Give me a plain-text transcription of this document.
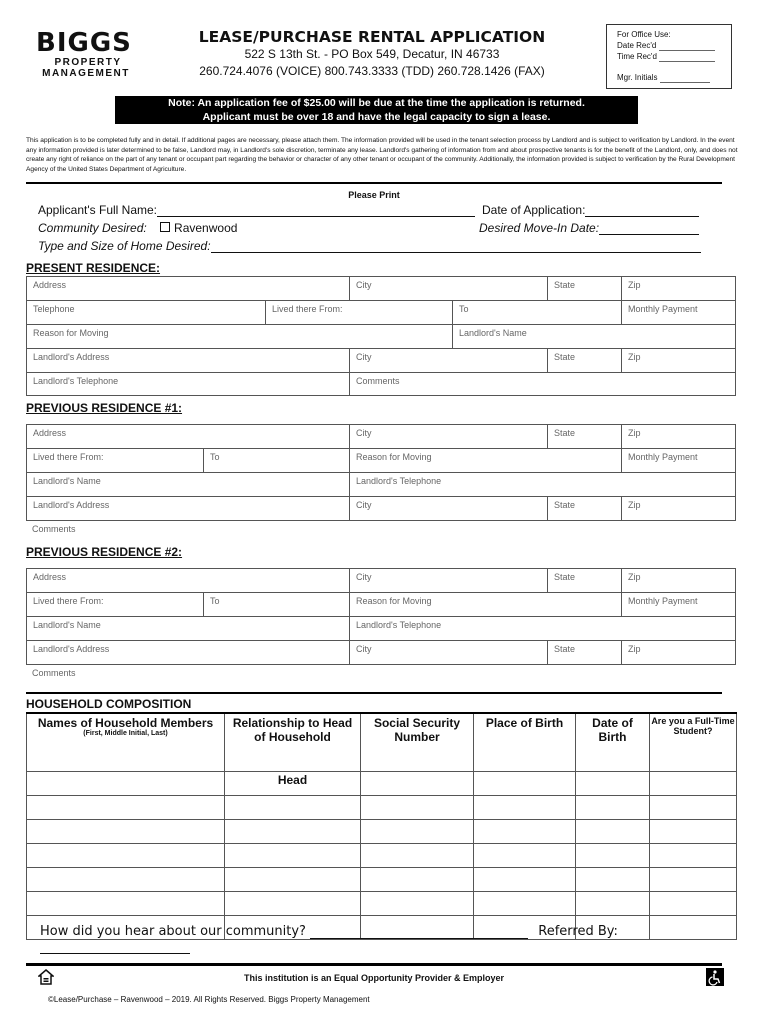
BIGGS
PROPERTY
MANAGEMENT
LEASE/PURCHASE RENTAL APPLICATION
522 S 13th St. - PO Box 549, Decatur, IN 46733
260.724.4076 (VOICE) 800.743.3333 (TDD) 260.728.1426 (FAX)
For Office Use:
Date Rec'd
Time Rec'd
Mgr. Initials
Note: An application fee of $25.00 will be due at the time the application is returned.
Applicant must be over 18 and have the legal capacity to sign a lease.
This application is to be completed fully and in detail. If additional pages are necessary, please attach them. The information provided will be used in the tenant selection process by Landlord and is subject to verification by Landlord. In the event any information provided is later determined to be false, Landlord may, in Landlord's sole discretion, terminate any lease. Landlord's gathering of information from and about prospective tenants is for the benefit of the Landlord, only, and does not create any right of reliance on the part of any tenant or occupant part regarding the behavior or character of any other tenant or occupant of the community. Additionally, the information provided is subject to verification by the Rural Development Agency of the United States Department of Agriculture.
Please Print
Applicant's Full Name:	Date of Application:
Community Desired: Ravenwood	Desired Move-In Date:
Type and Size of Home Desired:
PRESENT RESIDENCE:
PREVIOUS RESIDENCE #1:
PREVIOUS RESIDENCE #2:
Address	City	State	Zip
Telephone	Lived there From:	To	Monthly Payment
Reason for Moving	Landlord's Name
Landlord's Address	City	State	Zip
Landlord's Telephone	Comments
Address	City	State	Zip
Lived there From:	To	Reason for Moving	Monthly Payment
Landlord's Name	Landlord's Telephone
Landlord's Address	City	State	Zip
Comments
Address	City	State	Zip
Lived there From:	To	Reason for Moving	Monthly Payment
Landlord's Name	Landlord's Telephone
Landlord's Address	City	State	Zip
Comments
HOUSEHOLD COMPOSITION
Names of Household Members
(First, Middle Initial, Last)	Relationship to Head of Household	Social Security Number	Place of Birth	Date of Birth	Are you a Full-Time Student?
	Head				

How did you hear about our community?	Referred By:
This institution is an Equal Opportunity Provider & Employer
©Lease/Purchase – Ravenwood – 2019. All Rights Reserved. Biggs Property Management
